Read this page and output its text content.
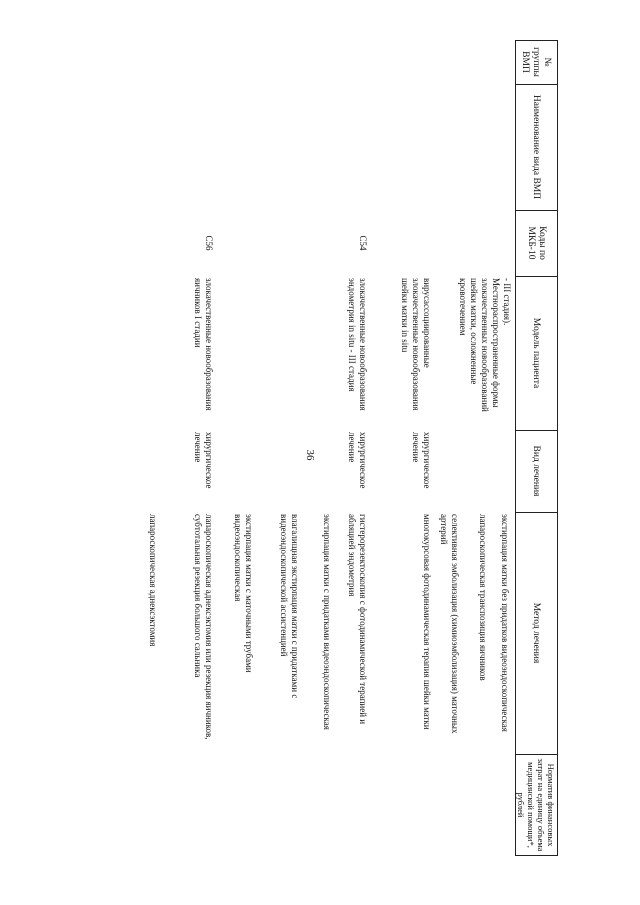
36
№ группы ВМП
Наименование вида ВМП
Коды по МКБ-10
Модель пациента
Вид лечения
Метод лечения
Норматив финансовых затрат на единицу объема медицинской помощи*, рублей
- III стадия). Местнораспространенные формы злокачественных новообразований шейки матки, осложненные кровотечением
экстирпация матки без придатков видеоэндоскопическая
лапароскопическая транспозиция яичников
селективная эмболизация (химиоэмболизация) маточных артерий
вирусассоциированные злокачественные новообразования шейки матки in situ
хирургическое лечение
многокурсовая фотодинамическая терапия шейки матки
C54
злокачественные новообразования эндометрия in situ - III стадия
хирургическое лечение
гистерорезектоскопия с фотодинамической терапией и абляцией эндометрия
экстирпация матки с придатками видеоэндоскопическая
влагалищная экстирпация матки с придатками с видеоэндоскопической ассистенцией
экстирпация матки с маточными трубами видеоэндоскопическая
C56
злокачественные новообразования яичников I стадии
хирургическое лечение
лапароскопическая аднексэктомия или резекция яичников, субтотальная резекция большого сальника
лапароскопическая аднексэктомия
